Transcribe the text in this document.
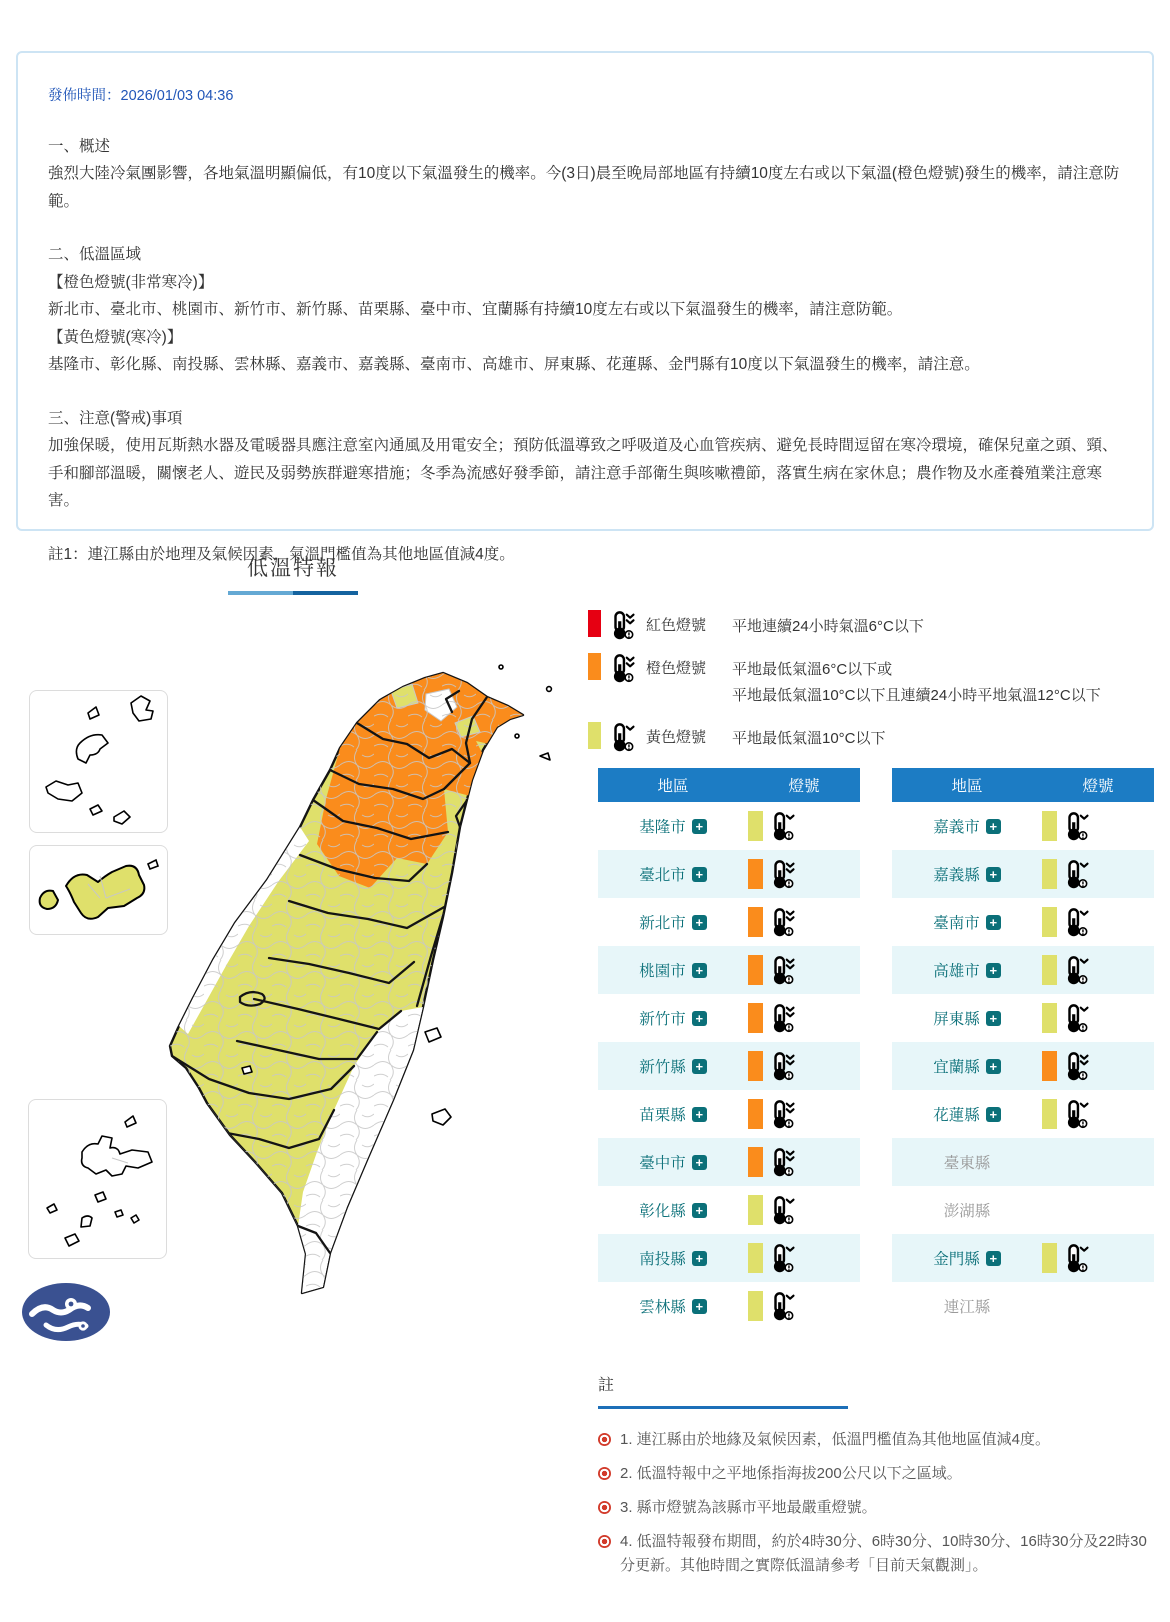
發佈時間：2026/01/03 04:36
一、概述
強烈大陸冷氣團影響，各地氣溫明顯偏低，有10度以下氣溫發生的機率。今(3日)晨至晚局部地區有持續10度左右或以下氣溫(橙色燈號)發生的機率，請注意防範。
二、低溫區域
【橙色燈號(非常寒冷)】
新北市、臺北市、桃園市、新竹市、新竹縣、苗栗縣、臺中市、宜蘭縣有持續10度左右或以下氣溫發生的機率，請注意防範。
【黃色燈號(寒冷)】
基隆市、彰化縣、南投縣、雲林縣、嘉義市、嘉義縣、臺南市、高雄市、屏東縣、花蓮縣、金門縣有10度以下氣溫發生的機率，請注意。
三、注意(警戒)事項
加強保暖，使用瓦斯熱水器及電暖器具應注意室內通風及用電安全；預防低溫導致之呼吸道及心血管疾病、避免長時間逗留在寒冷環境，確保兒童之頭、頸、手和腳部溫暖，關懷老人、遊民及弱勢族群避寒措施；冬季為流感好發季節，請注意手部衛生與咳嗽禮節，落實生病在家休息；農作物及水產養殖業注意寒害。
註1：連江縣由於地理及氣候因素，氣溫門檻值為其他地區值減4度。
低溫特報
紅色燈號	平地連續24小時氣溫6°C以下
橙色燈號	平地最低氣溫6°C以下或
平地最低氣溫10°C以下且連續24小時平地氣溫12°C以下
黃色燈號	平地最低氣溫10°C以下
地區	燈號
基隆市 +
臺北市 +
新北市 +
桃園市 +
新竹市 +
新竹縣 +
苗栗縣 +
臺中市 +
彰化縣 +
南投縣 +
雲林縣 +
地區	燈號
嘉義市 +
嘉義縣 +
臺南市 +
高雄市 +
屏東縣 +
宜蘭縣 +
花蓮縣 +
臺東縣
澎湖縣
金門縣 +
連江縣
註
1. 連江縣由於地緣及氣候因素，低溫門檻值為其他地區值減4度。
2. 低溫特報中之平地係指海拔200公尺以下之區域。
3. 縣市燈號為該縣市平地最嚴重燈號。
4. 低溫特報發布期間，約於4時30分、6時30分、10時30分、16時30分及22時30分更新。其他時間之實際低溫請參考「目前天氣觀測」。
